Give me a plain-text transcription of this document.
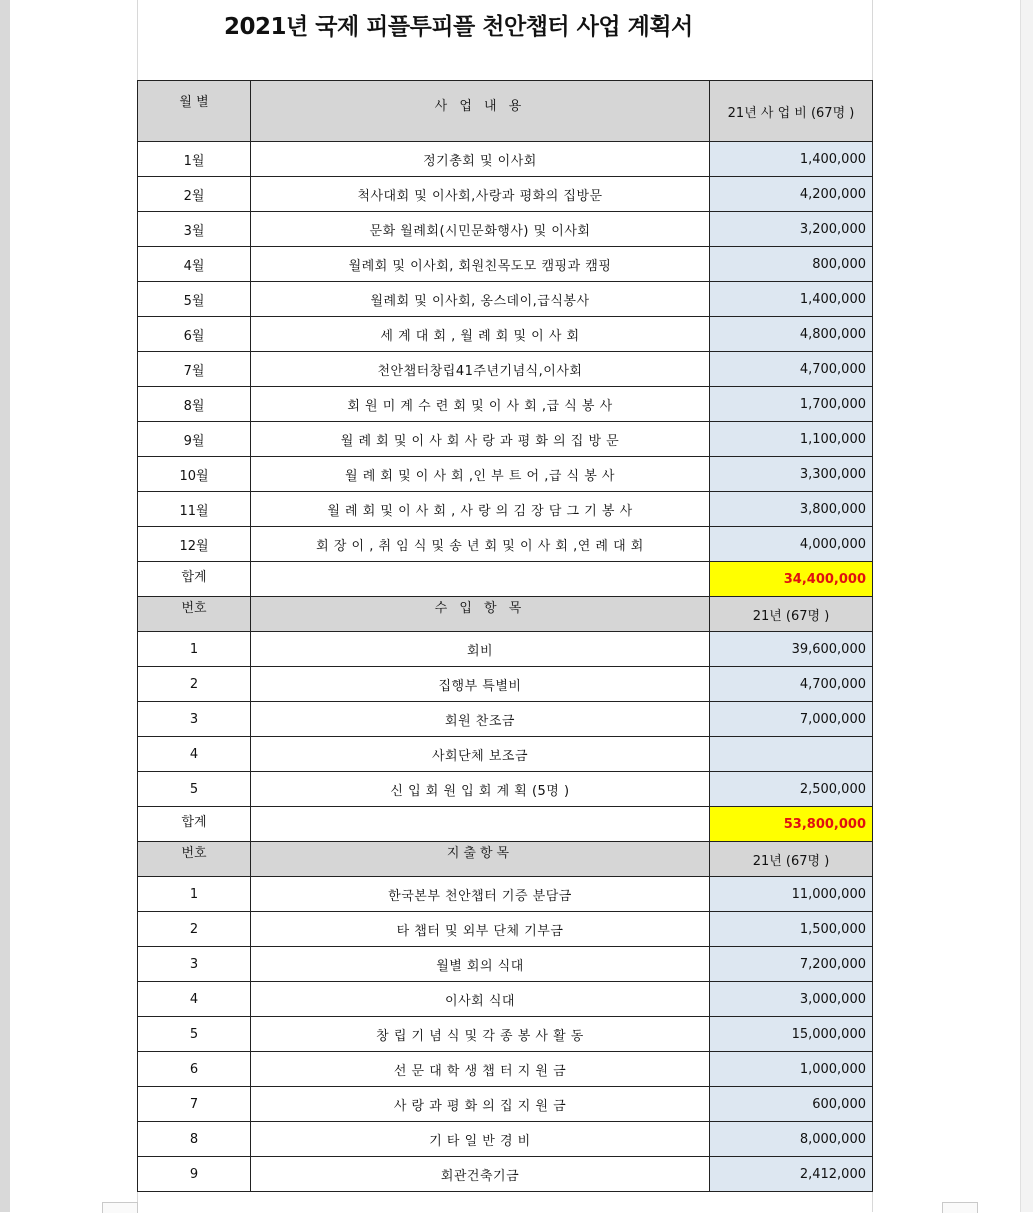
2021년 국제 피플투피플 천안챕터 사업 계획서
월 별	사 업 내 용	21년 사 업 비 (67명 )
1월	정기총회 및 이사회	1,400,000
2월	척사대회 및 이사회,사랑과 평화의 집방문	4,200,000
3월	문화 월례회(시민문화행사) 및 이사회	3,200,000
4월	월례회 및 이사회, 회원친목도모 캠핑과 캠핑	800,000
5월	월례회 및 이사회, 옹스데이,급식봉사	1,400,000
6월	세 계 대 회 , 월 례 회 및 이 사 회	4,800,000
7월	천안챕터창립41주년기념식,이사회	4,700,000
8월	회 원 미 계 수 련 회 및 이 사 회 ,급 식 봉 사	1,700,000
9월	월 례 회 및 이 사 회 사 랑 과 평 화 의 집 방 문	1,100,000
10월	월 례 회 및 이 사 회 ,인 부 트 어 ,급 식 봉 사	3,300,000
11월	월 례 회 및 이 사 회 , 사 랑 의 김 장 담 그 기 봉 사	3,800,000
12월	회 장 이 , 취 임 식 및 송 년 회 및 이 사 회 ,연 례 대 회	4,000,000
합계		34,400,000
번호	수 입 항 목	21년 (67명 )
1	회비	39,600,000
2	집행부 특별비	4,700,000
3	회원 찬조금	7,000,000
4	사회단체 보조금	
5	신 입 회 원 입 회 계 획 (5명 )	2,500,000
합계		53,800,000
번호	지출항목	21년 (67명 )
1	한국본부 천안챕터 기증 분담금	11,000,000
2	타 챕터 및 외부 단체 기부금	1,500,000
3	월별 회의 식대	7,200,000
4	이사회 식대	3,000,000
5	창 립 기 념 식 및 각 종 봉 사 활 동	15,000,000
6	선 문 대 학 생 챕 터 지 원 금	1,000,000
7	사 랑 과 평 화 의 집 지 원 금	600,000
8	기 타 일 반 경 비	8,000,000
9	회관건축기금	2,412,000
